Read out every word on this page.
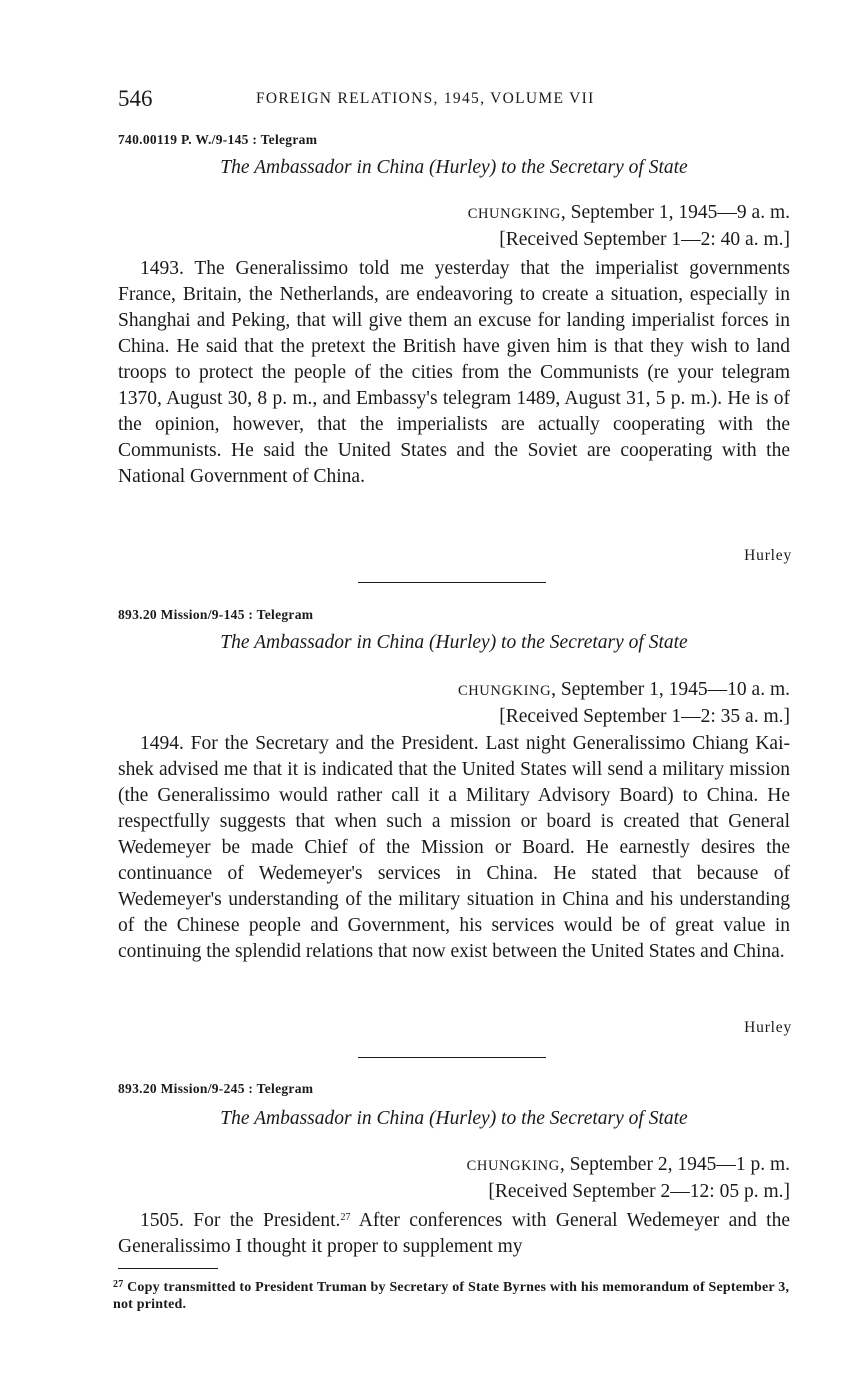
546	FOREIGN RELATIONS, 1945, VOLUME VII
740.00119 P. W./9-145 : Telegram
The Ambassador in China (Hurley) to the Secretary of State
CHUNGKING, September 1, 1945—9 a. m.
[Received September 1—2: 40 a. m.]

1493. The Generalissimo told me yesterday that the imperialist governments France, Britain, the Netherlands, are endeavoring to create a situation, especially in Shanghai and Peking, that will give them an excuse for landing imperialist forces in China. He said that the pretext the British have given him is that they wish to land troops to protect the people of the cities from the Communists (re your telegram 1370, August 30, 8 p. m., and Embassy's telegram 1489, August 31, 5 p. m.). He is of the opinion, however, that the imperialists are actually cooperating with the Communists. He said the United States and the Soviet are cooperating with the National Government of China.

Hurley
893.20 Mission/9-145 : Telegram
The Ambassador in China (Hurley) to the Secretary of State
CHUNGKING, September 1, 1945—10 a. m.
[Received September 1—2: 35 a. m.]

1494. For the Secretary and the President. Last night Generalissimo Chiang Kai-shek advised me that it is indicated that the United States will send a military mission (the Generalissimo would rather call it a Military Advisory Board) to China. He respectfully suggests that when such a mission or board is created that General Wedemeyer be made Chief of the Mission or Board. He earnestly desires the continuance of Wedemeyer's services in China. He stated that because of Wedemeyer's understanding of the military situation in China and his understanding of the Chinese people and Government, his services would be of great value in continuing the splendid relations that now exist between the United States and China.

Hurley
893.20 Mission/9-245 : Telegram
The Ambassador in China (Hurley) to the Secretary of State
CHUNGKING, September 2, 1945—1 p. m.
[Received September 2—12: 05 p. m.]

1505. For the President.$^{27}$ After conferences with General Wedemeyer and the Generalissimo I thought it proper to supplement my

$^{27}$ Copy transmitted to President Truman by Secretary of State Byrnes with his memorandum of September 3, not printed.
